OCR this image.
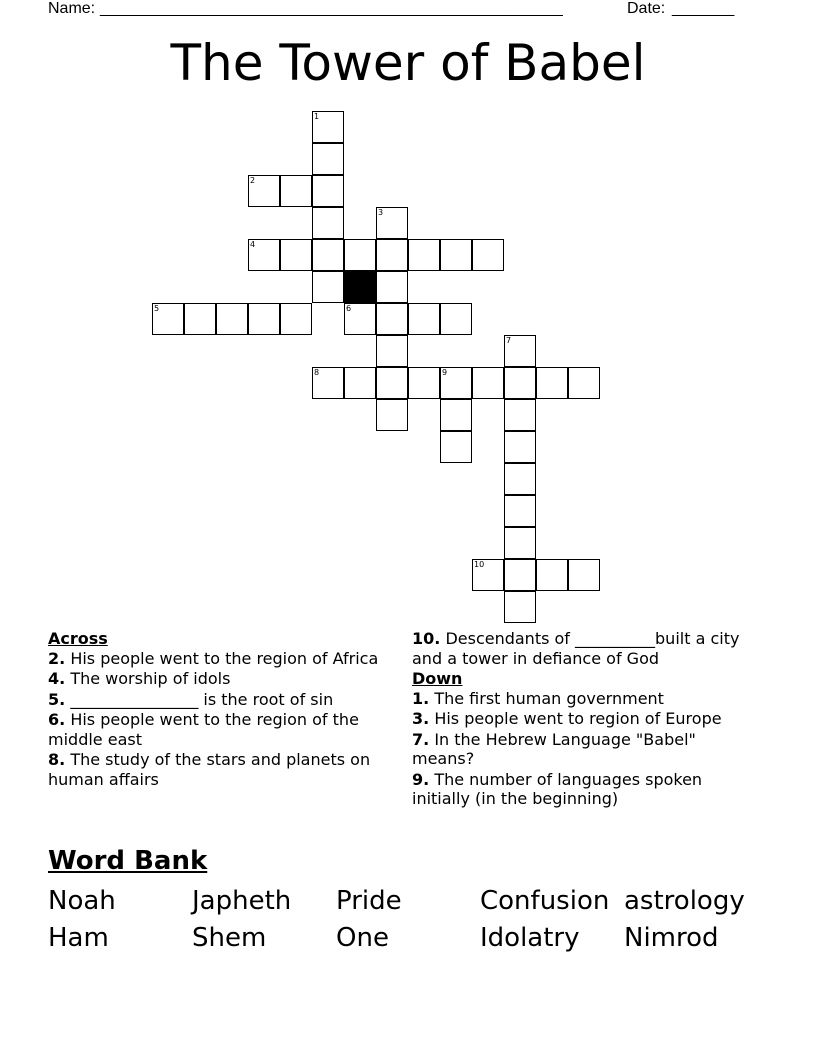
Name: ____________________________________________________	Date: _______
The Tower of Babel
1
2
3
4
5	6
7
8	9
10
Across
2. His people went to the region of Africa
4. The worship of idols
5. ________________ is the root of sin
6. His people went to the region of the middle east
8. The study of the stars and planets on human affairs
10. Descendants of __________built a city and a tower in defiance of God
Down
1. The first human government
3. His people went to region of Europe
7. In the Hebrew Language "Babel" means?
9. The number of languages spoken initially (in the beginning)
Word Bank
Noah	Japheth Pride	Confusion astrology
Ham	Shem	One	Idolatry Nimrod
